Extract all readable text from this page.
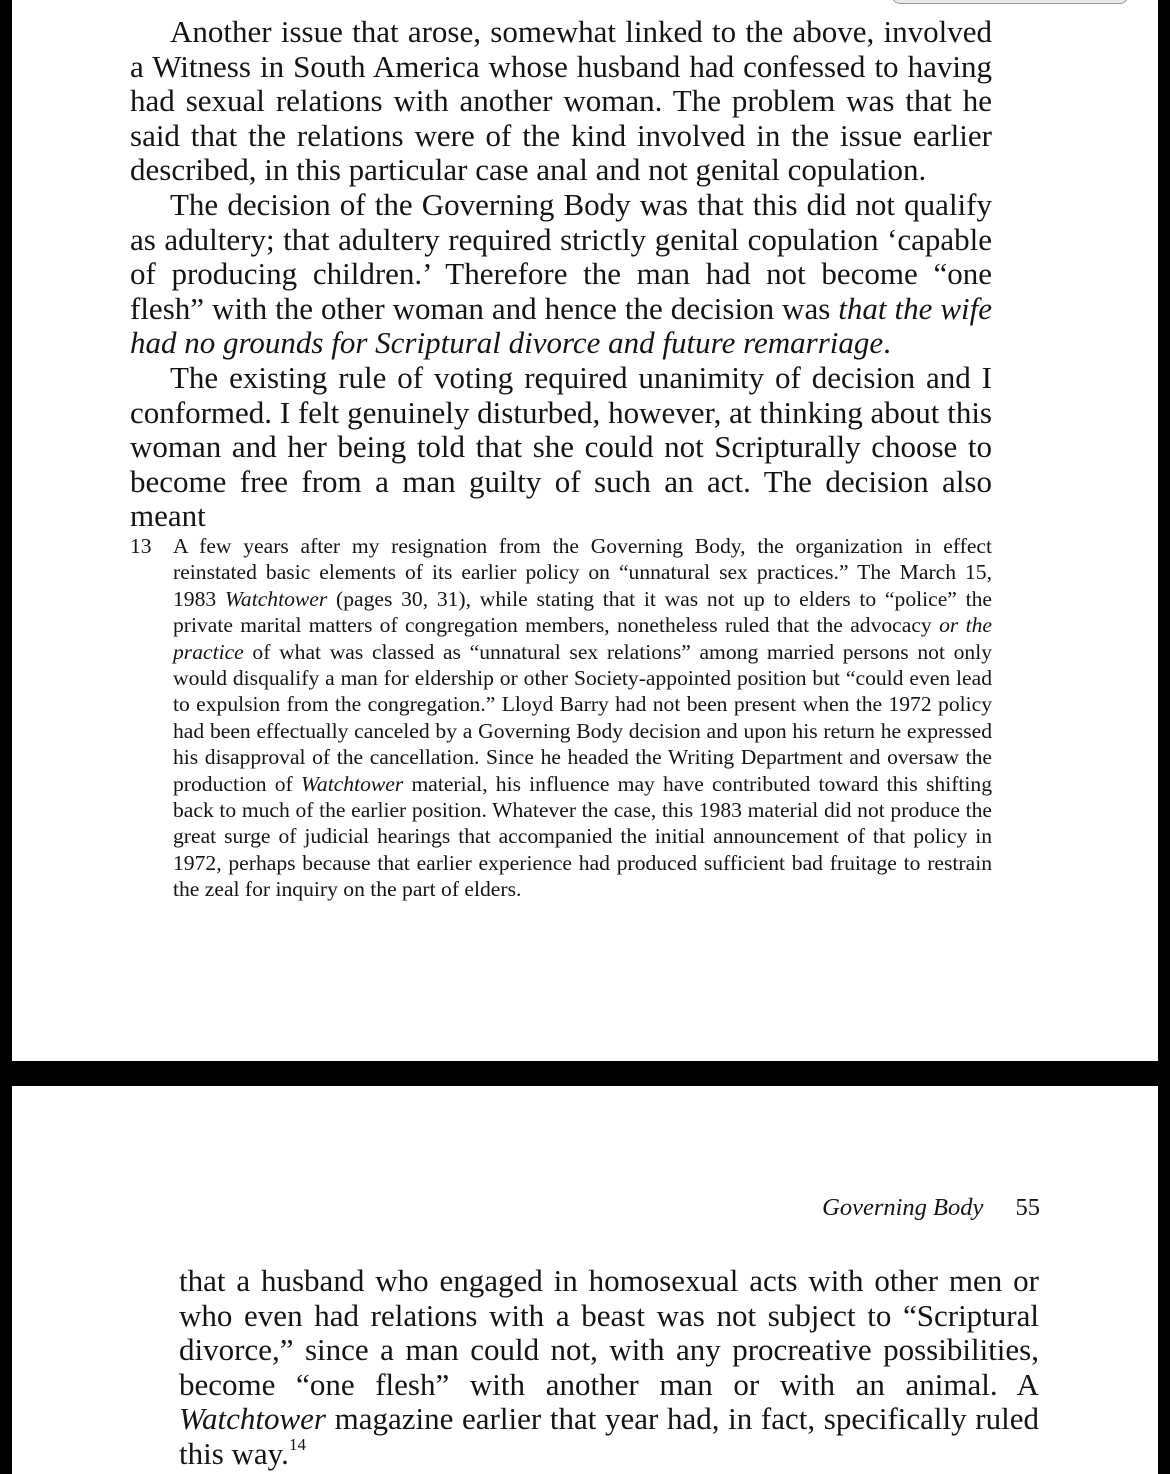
Another issue that arose, somewhat linked to the above, involved a Witness in South America whose husband had confessed to having had sexual relations with another woman. The problem was that he said that the relations were of the kind involved in the issue earlier described, in this particular case anal and not genital copulation.

The decision of the Governing Body was that this did not qualify as adultery; that adultery required strictly genital copulation ‘capable of producing children.’ Therefore the man had not become “one flesh” with the other woman and hence the decision was that the wife had no grounds for Scriptural divorce and future remarriage.

The existing rule of voting required unanimity of decision and I conformed. I felt genuinely disturbed, however, at thinking about this woman and her being told that she could not Scripturally choose to become free from a man guilty of such an act. The decision also meant

13 A few years after my resignation from the Governing Body, the organization in effect reinstated basic elements of its earlier policy on “unnatural sex practices.” The March 15, 1983 Watchtower (pages 30, 31), while stating that it was not up to elders to “police” the private marital matters of congregation members, nonetheless ruled that the advocacy or the practice of what was classed as “unnatural sex relations” among married persons not only would disqualify a man for eldership or other Society-appointed position but “could even lead to expulsion from the congregation.” Lloyd Barry had not been present when the 1972 policy had been effectually canceled by a Governing Body decision and upon his return he expressed his disapproval of the cancellation. Since he headed the Writing Department and oversaw the production of Watchtower material, his influence may have contributed toward this shifting back to much of the earlier position. Whatever the case, this 1983 material did not produce the great surge of judicial hearings that accompanied the initial announcement of that policy in 1972, perhaps because that earlier experience had produced sufficient bad fruitage to restrain the zeal for inquiry on the part of elders.
Governing Body 55

that a husband who engaged in homosexual acts with other men or who even had relations with a beast was not subject to “Scriptural divorce,” since a man could not, with any procreative possibilities, become “one flesh” with another man or with an animal. A Watchtower magazine earlier that year had, in fact, specifically ruled this way.$^{14}$
